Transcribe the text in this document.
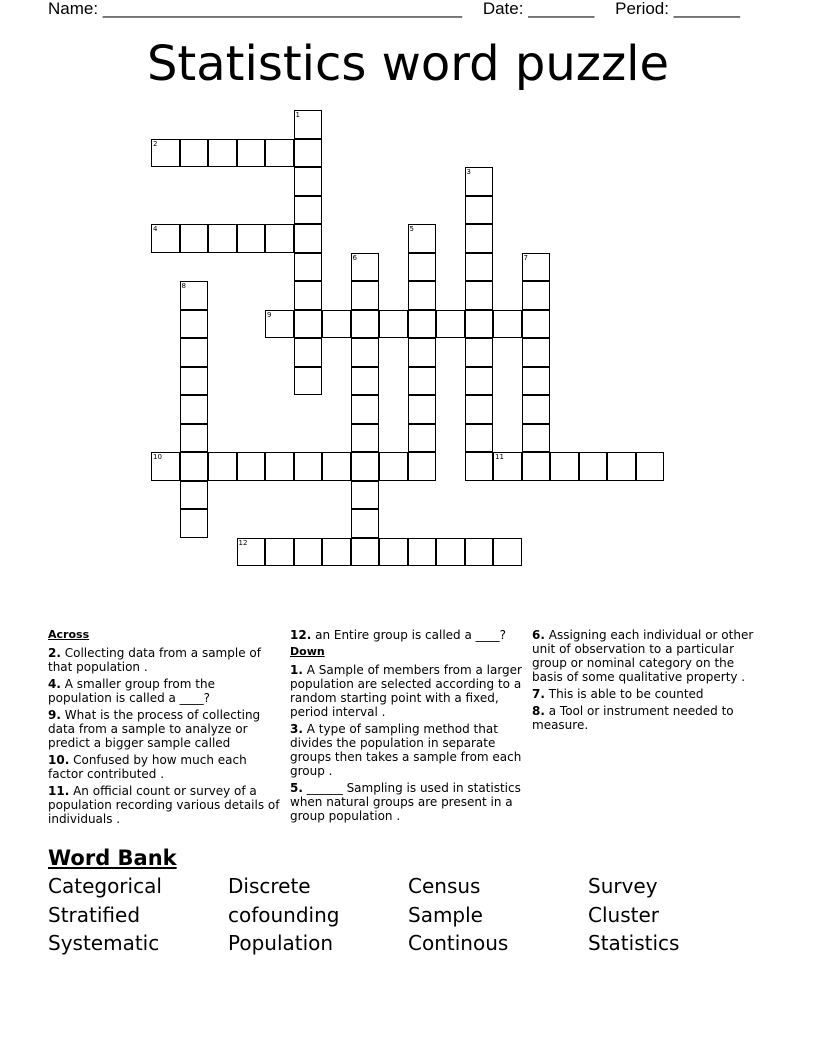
Name: ______________________________________ Date: _______ Period: _______
Statistics word puzzle
1
2
3
4	5
6	7
8
9
10	11
12
Across
2. Collecting data from a sample of that population .
4. A smaller group from the population is called a ____?
9. What is the process of collecting data from a sample to analyze or predict a bigger sample called
10. Confused by how much each factor contributed .
11. An official count or survey of a population recording various details of individuals .
12. an Entire group is called a ____?
Down
1. A Sample of members from a larger population are selected according to a random starting point with a fixed, period interval .
3. A type of sampling method that divides the population in separate groups then takes a sample from each group .
5. ______ Sampling is used in statistics when natural groups are present in a group population .
6. Assigning each individual or other unit of observation to a particular group or nominal category on the basis of some qualitative property .
7. This is able to be counted
8. a Tool or instrument needed to measure.
Word Bank
Categorical	Discrete	Census	Survey
Stratified	cofounding	Sample	Cluster
Systematic	Population	Continous	Statistics
